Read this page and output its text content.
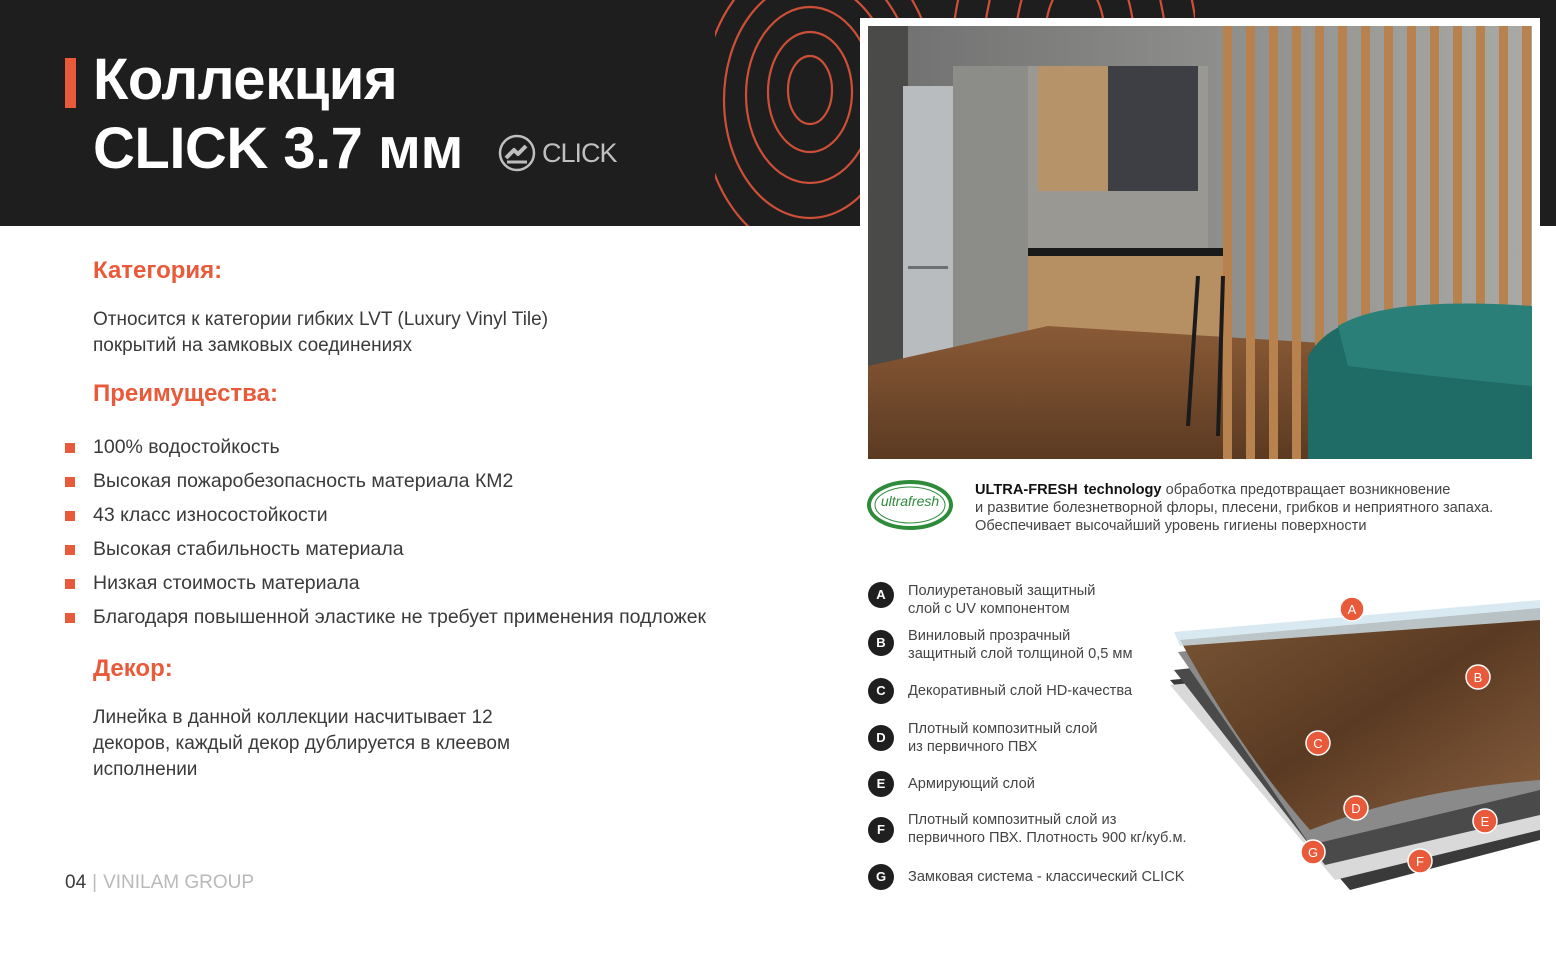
Коллекция
CLICK 3.7 мм	CLICK
Категория:
Относится к категории гибких LVT (Luxury Vinyl Tile)
покрытий на замковых соединениях
Преимущества:
100% водостойкость
Высокая пожаробезопасность материала КМ2
43 класс износостойкости
Высокая стабильность материала
Низкая стоимость материала
Благодаря повышенной эластике не требует применения подложек
Декор:
Линейка в данной коллекции насчитывает 12
декоров, каждый декор дублируется в клеевом
исполнении
04 | VINILAM GROUP
ultrafresh
ULTRA-FRESH technology обработка предотвращает возникновение
и развитие болезнетворной флоры, плесени, грибков и неприятного запаха.
Обеспечивает высочайший уровень гигиены поверхности
A	Полиуретановый защитный
слой с UV компонентом
B	Виниловый прозрачный
защитный слой толщиной 0,5 мм
C	Декоративный слой HD-качества
D
Плотный композитный слой
из первичного ПВХ
E	Армирующий слой
F
Плотный композитный слой из
первичного ПВХ. Плотность 900 кг/куб.м.
G	Замковая система - классический CLICK
A
B
C
D
E
F
G
